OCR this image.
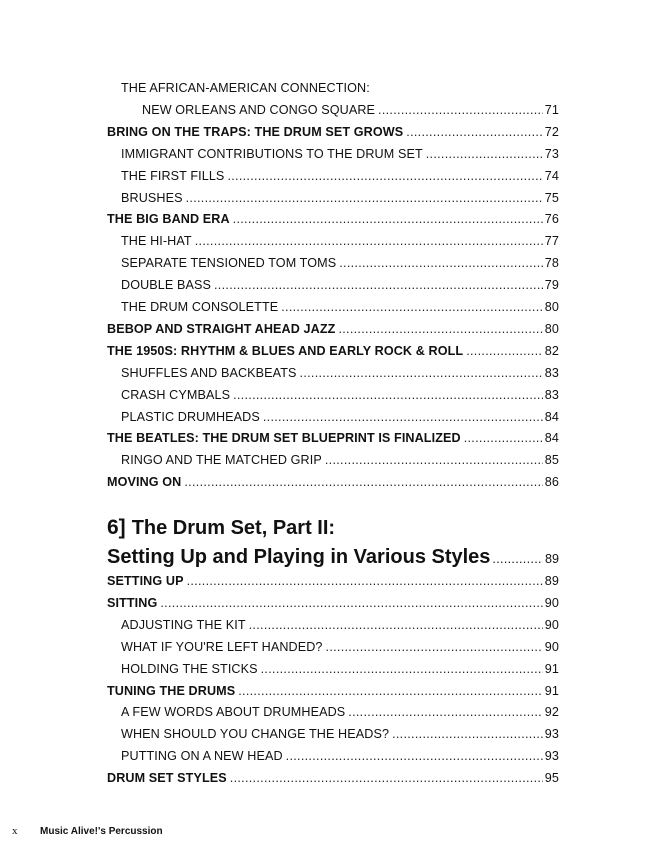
THE AFRICAN-AMERICAN CONNECTION:
NEW ORLEANS AND CONGO SQUARE . . .	71
BRING ON THE TRAPS: THE DRUM SET GROWS . . .	72
IMMIGRANT CONTRIBUTIONS TO THE DRUM SET . . .	73
THE FIRST FILLS . . .	74
BRUSHES . . .	75
THE BIG BAND ERA . . .	76
THE HI-HAT . . .	77
SEPARATE TENSIONED TOM TOMS . . .	78
DOUBLE BASS . . .	79
THE DRUM CONSOLETTE . . .	80
BEBOP AND STRAIGHT AHEAD JAZZ . . .	80
THE 1950S: RHYTHM & BLUES AND EARLY ROCK & ROLL . . .	82
SHUFFLES AND BACKBEATS . . .	83
CRASH CYMBALS . . .	83
PLASTIC DRUMHEADS . . .	84
THE BEATLES: THE DRUM SET BLUEPRINT IS FINALIZED . . .	84
RINGO AND THE MATCHED GRIP . . .	85
MOVING ON . . .	86
6] The Drum Set, Part II:
Setting Up and Playing in Various Styles . . .	89
SETTING UP . . .	89
SITTING . . .	90
ADJUSTING THE KIT . . .	90
WHAT IF YOU'RE LEFT HANDED? . . .	90
HOLDING THE STICKS . . .	91
TUNING THE DRUMS . . .	91
A FEW WORDS ABOUT DRUMHEADS . . .	92
WHEN SHOULD YOU CHANGE THE HEADS? . . .	93
PUTTING ON A NEW HEAD . . .	93
DRUM SET STYLES . . .	95
x Music Alive!'s Percussion
